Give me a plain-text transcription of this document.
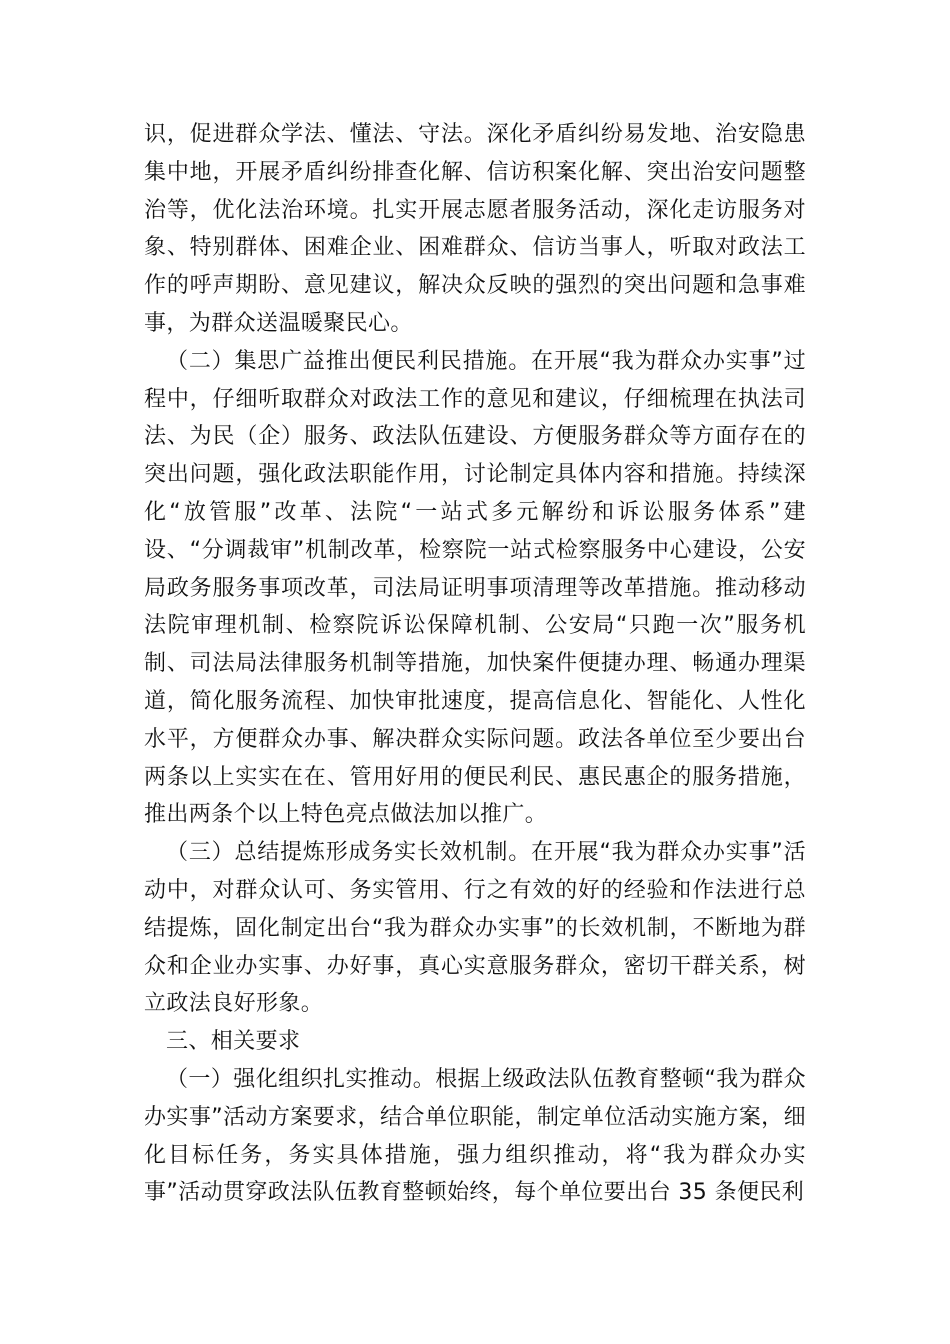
识，促进群众学法、懂法、守法。深化矛盾纠纷易发地、治安隐患集中地，开展矛盾纠纷排查化解、信访积案化解、突出治安问题整治等，优化法治环境。扎实开展志愿者服务活动，深化走访服务对象、特别群体、困难企业、困难群众、信访当事人，听取对政法工作的呼声期盼、意见建议，解决众反映的强烈的突出问题和急事难事，为群众送温暖聚民心。

（二）集思广益推出便民利民措施。在开展“我为群众办实事”过程中，仔细听取群众对政法工作的意见和建议，仔细梳理在执法司法、为民（企）服务、政法队伍建设、方便服务群众等方面存在的突出问题，强化政法职能作用，讨论制定具体内容和措施。持续深化“放管服”改革、法院“一站式多元解纷和诉讼服务体系”建设、“分调裁审”机制改革，检察院一站式检察服务中心建设，公安局政务服务事项改革，司法局证明事项清理等改革措施。推动移动法院审理机制、检察院诉讼保障机制、公安局“只跑一次”服务机制、司法局法律服务机制等措施，加快案件便捷办理、畅通办理渠道，简化服务流程、加快审批速度，提高信息化、智能化、人性化水平，方便群众办事、解决群众实际问题。政法各单位至少要出台两条以上实实在在、管用好用的便民利民、惠民惠企的服务措施，推出两条个以上特色亮点做法加以推广。

（三）总结提炼形成务实长效机制。在开展“我为群众办实事”活动中，对群众认可、务实管用、行之有效的好的经验和作法进行总结提炼，固化制定出台“我为群众办实事”的长效机制，不断地为群众和企业办实事、办好事，真心实意服务群众，密切干群关系，树立政法良好形象。

三、相关要求

（一）强化组织扎实推动。根据上级政法队伍教育整顿“我为群众办实事”活动方案要求，结合单位职能，制定单位活动实施方案，细化目标任务，务实具体措施，强力组织推动，将“我为群众办实事”活动贯穿政法队伍教育整顿始终，每个单位要出台 35 条便民利
